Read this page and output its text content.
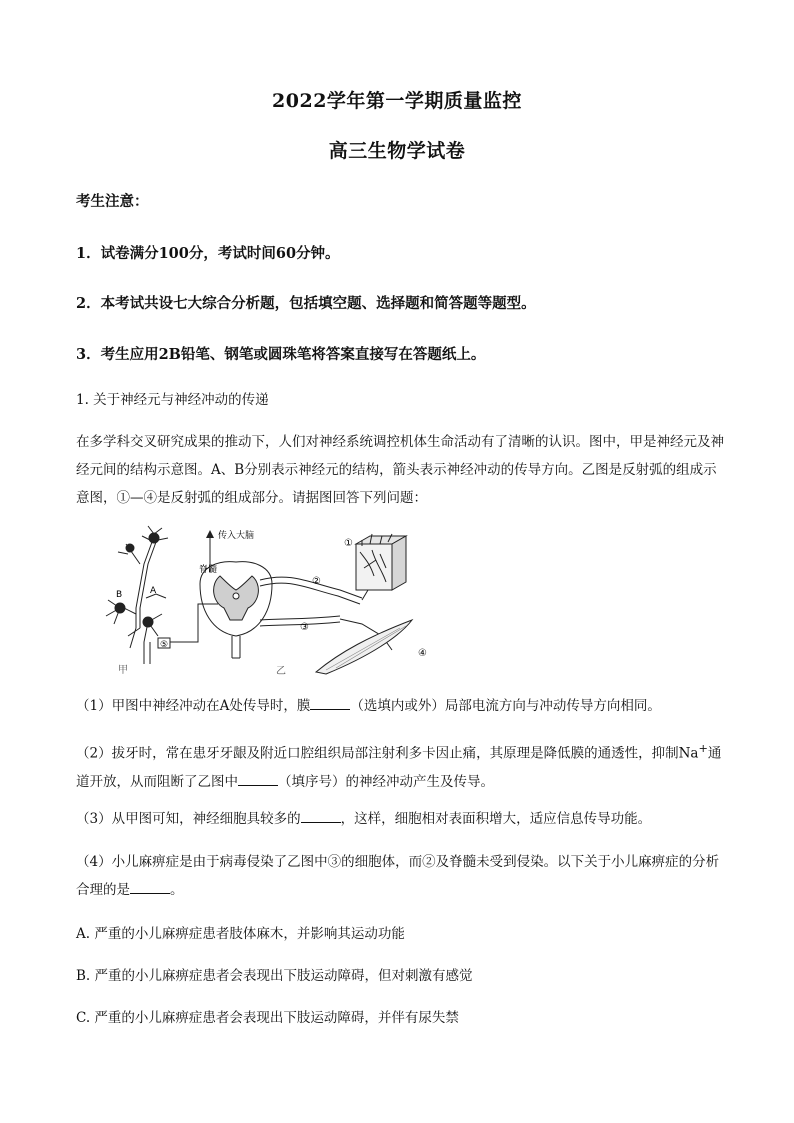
2022学年第一学期质量监控
高三生物学试卷
考生注意：
1．试卷满分100分，考试时间60分钟。
2．本考试共设七大综合分析题，包括填空题、选择题和简答题等题型。
3．考生应用2B铅笔、钢笔或圆珠笔将答案直接写在答题纸上。
1. 关于神经元与神经冲动的传递
在多学科交叉研究成果的推动下，人们对神经系统调控机体生命活动有了清晰的认识。图中，甲是神经元及神经元间的结构示意图。A、B分别表示神经元的结构，箭头表示神经冲动的传导方向。乙图是反射弧的组成示意图，①—④是反射弧的组成部分。请据图回答下列问题：
B	A
甲
脊髓
传入大脑
乙
⑤
①
②
③
④
（1）甲图中神经冲动在A处传导时，膜	（选填内或外）局部电流方向与冲动传导方向相同。
（2）拔牙时，常在患牙牙龈及附近口腔组织局部注射利多卡因止痛，其原理是降低膜的通透性，抑制Na+通道开放，从而阻断了乙图中	（填序号）的神经冲动产生及传导。
（3）从甲图可知，神经细胞具较多的	，这样，细胞相对表面积增大，适应信息传导功能。
（4）小儿麻痹症是由于病毒侵染了乙图中③的细胞体，而②及脊髓未受到侵染。以下关于小儿麻痹症的分析合理的是	。
A. 严重的小儿麻痹症患者肢体麻木，并影响其运动功能
B. 严重的小儿麻痹症患者会表现出下肢运动障碍，但对刺激有感觉
C. 严重的小儿麻痹症患者会表现出下肢运动障碍，并伴有尿失禁
